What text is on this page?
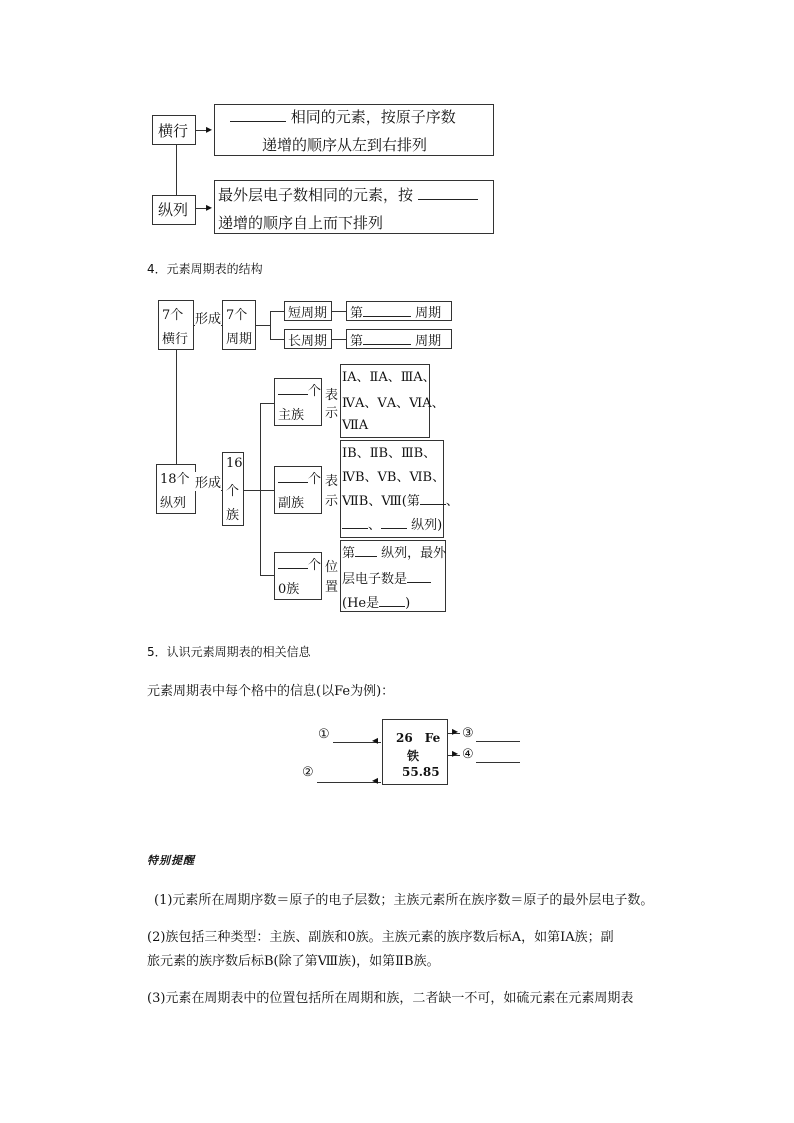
横行 ▸
相同的元素，按原子序数
递增的顺序从左到右排列
纵列 ▸
最外层电子数相同的元素，按
递增的顺序自上而下排列
4．元素周期表的结构
7个
横行
形成 7个
周期
短周期 第	周期
长周期 第	周期
18个
纵列
形成
16
个
族
个
主族
表
示
ⅠA、ⅡA、ⅢA、
ⅣA、ⅤA、ⅥA、
ⅦA
个
副族
表
示
ⅠB、ⅡB、ⅢB、
ⅣB、ⅤB、ⅥB、
ⅦB、Ⅷ(第 、
、 纵列)
个
0族
位
置
第 纵列，最外
层电子数是
(He是 )
5．认识元素周期表的相关信息
元素周期表中每个格中的信息(以Fe为例)：
26　Fe
铁
55.85
①	◂
②	◂
▸ ③
▸ ④
特别提醒
(1)元素所在周期序数＝原子的电子层数；主族元素所在族序数＝原子的最外层电子数。
(2)族包括三种类型：主族、副族和0族。主族元素的族序数后标A，如第ⅠA族；副
旅元素的族序数后标B(除了第Ⅷ族)，如第ⅡB族。
(3)元素在周期表中的位置包括所在周期和族，二者缺一不可，如硫元素在元素周期表
